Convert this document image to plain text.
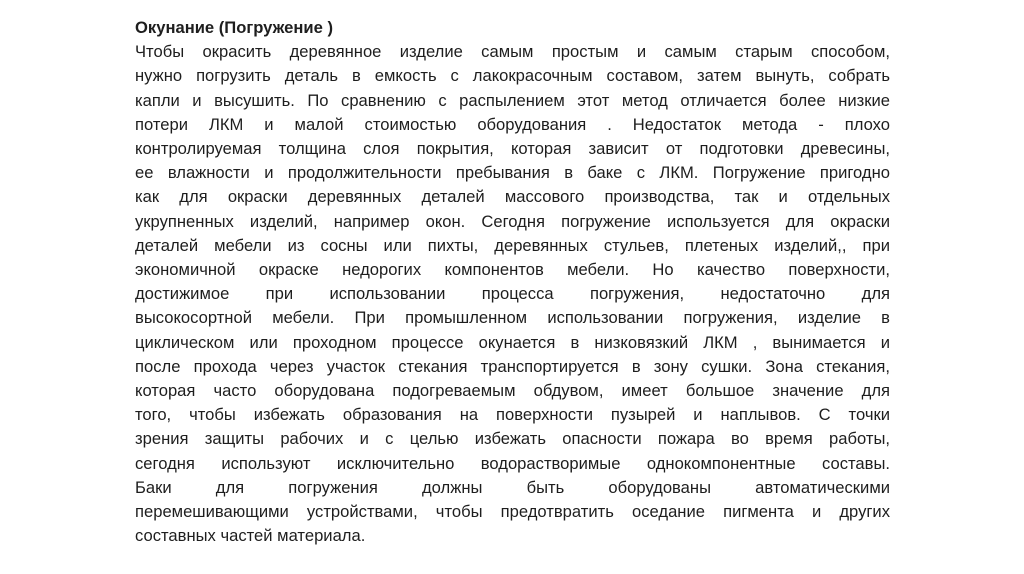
Окунание (Погружение )
Чтобы окрасить деревянное изделие самым простым и самым старым способом,
нужно погрузить деталь в емкость с лакокрасочным составом, затем вынуть, собрать
капли и высушить. По сравнению с распылением этот метод отличается более низкие
потери ЛКМ и малой стоимостью оборудования . Недостаток метода - плохо
контролируемая толщина слоя покрытия, которая зависит от подготовки древесины,
ее влажности и продолжительности пребывания в баке с ЛКМ. Погружение пригодно
как для окраски деревянных деталей массового производства, так и отдельных
укрупненных изделий, например окон. Сегодня погружение используется для окраски
деталей мебели из сосны или пихты, деревянных стульев, плетеных изделий,, при
экономичной окраске недорогих компонентов мебели. Но качество поверхности,
достижимое при использовании процесса погружения, недостаточно для
высокосортной мебели. При промышленном использовании погружения, изделие в
циклическом или проходном процессе окунается в низковязкий ЛКМ , вынимается и
после прохода через участок стекания транспортируется в зону сушки. Зона стекания,
которая часто оборудована подогреваемым обдувом, имеет большое значение для
того, чтобы избежать образования на поверхности пузырей и наплывов. С точки
зрения защиты рабочих и с целью избежать опасности пожара во время работы,
сегодня используют исключительно водорастворимые однокомпонентные составы.
Баки для погружения должны быть оборудованы автоматическими
перемешивающими устройствами, чтобы предотвратить оседание пигмента и других
составных частей материала.
